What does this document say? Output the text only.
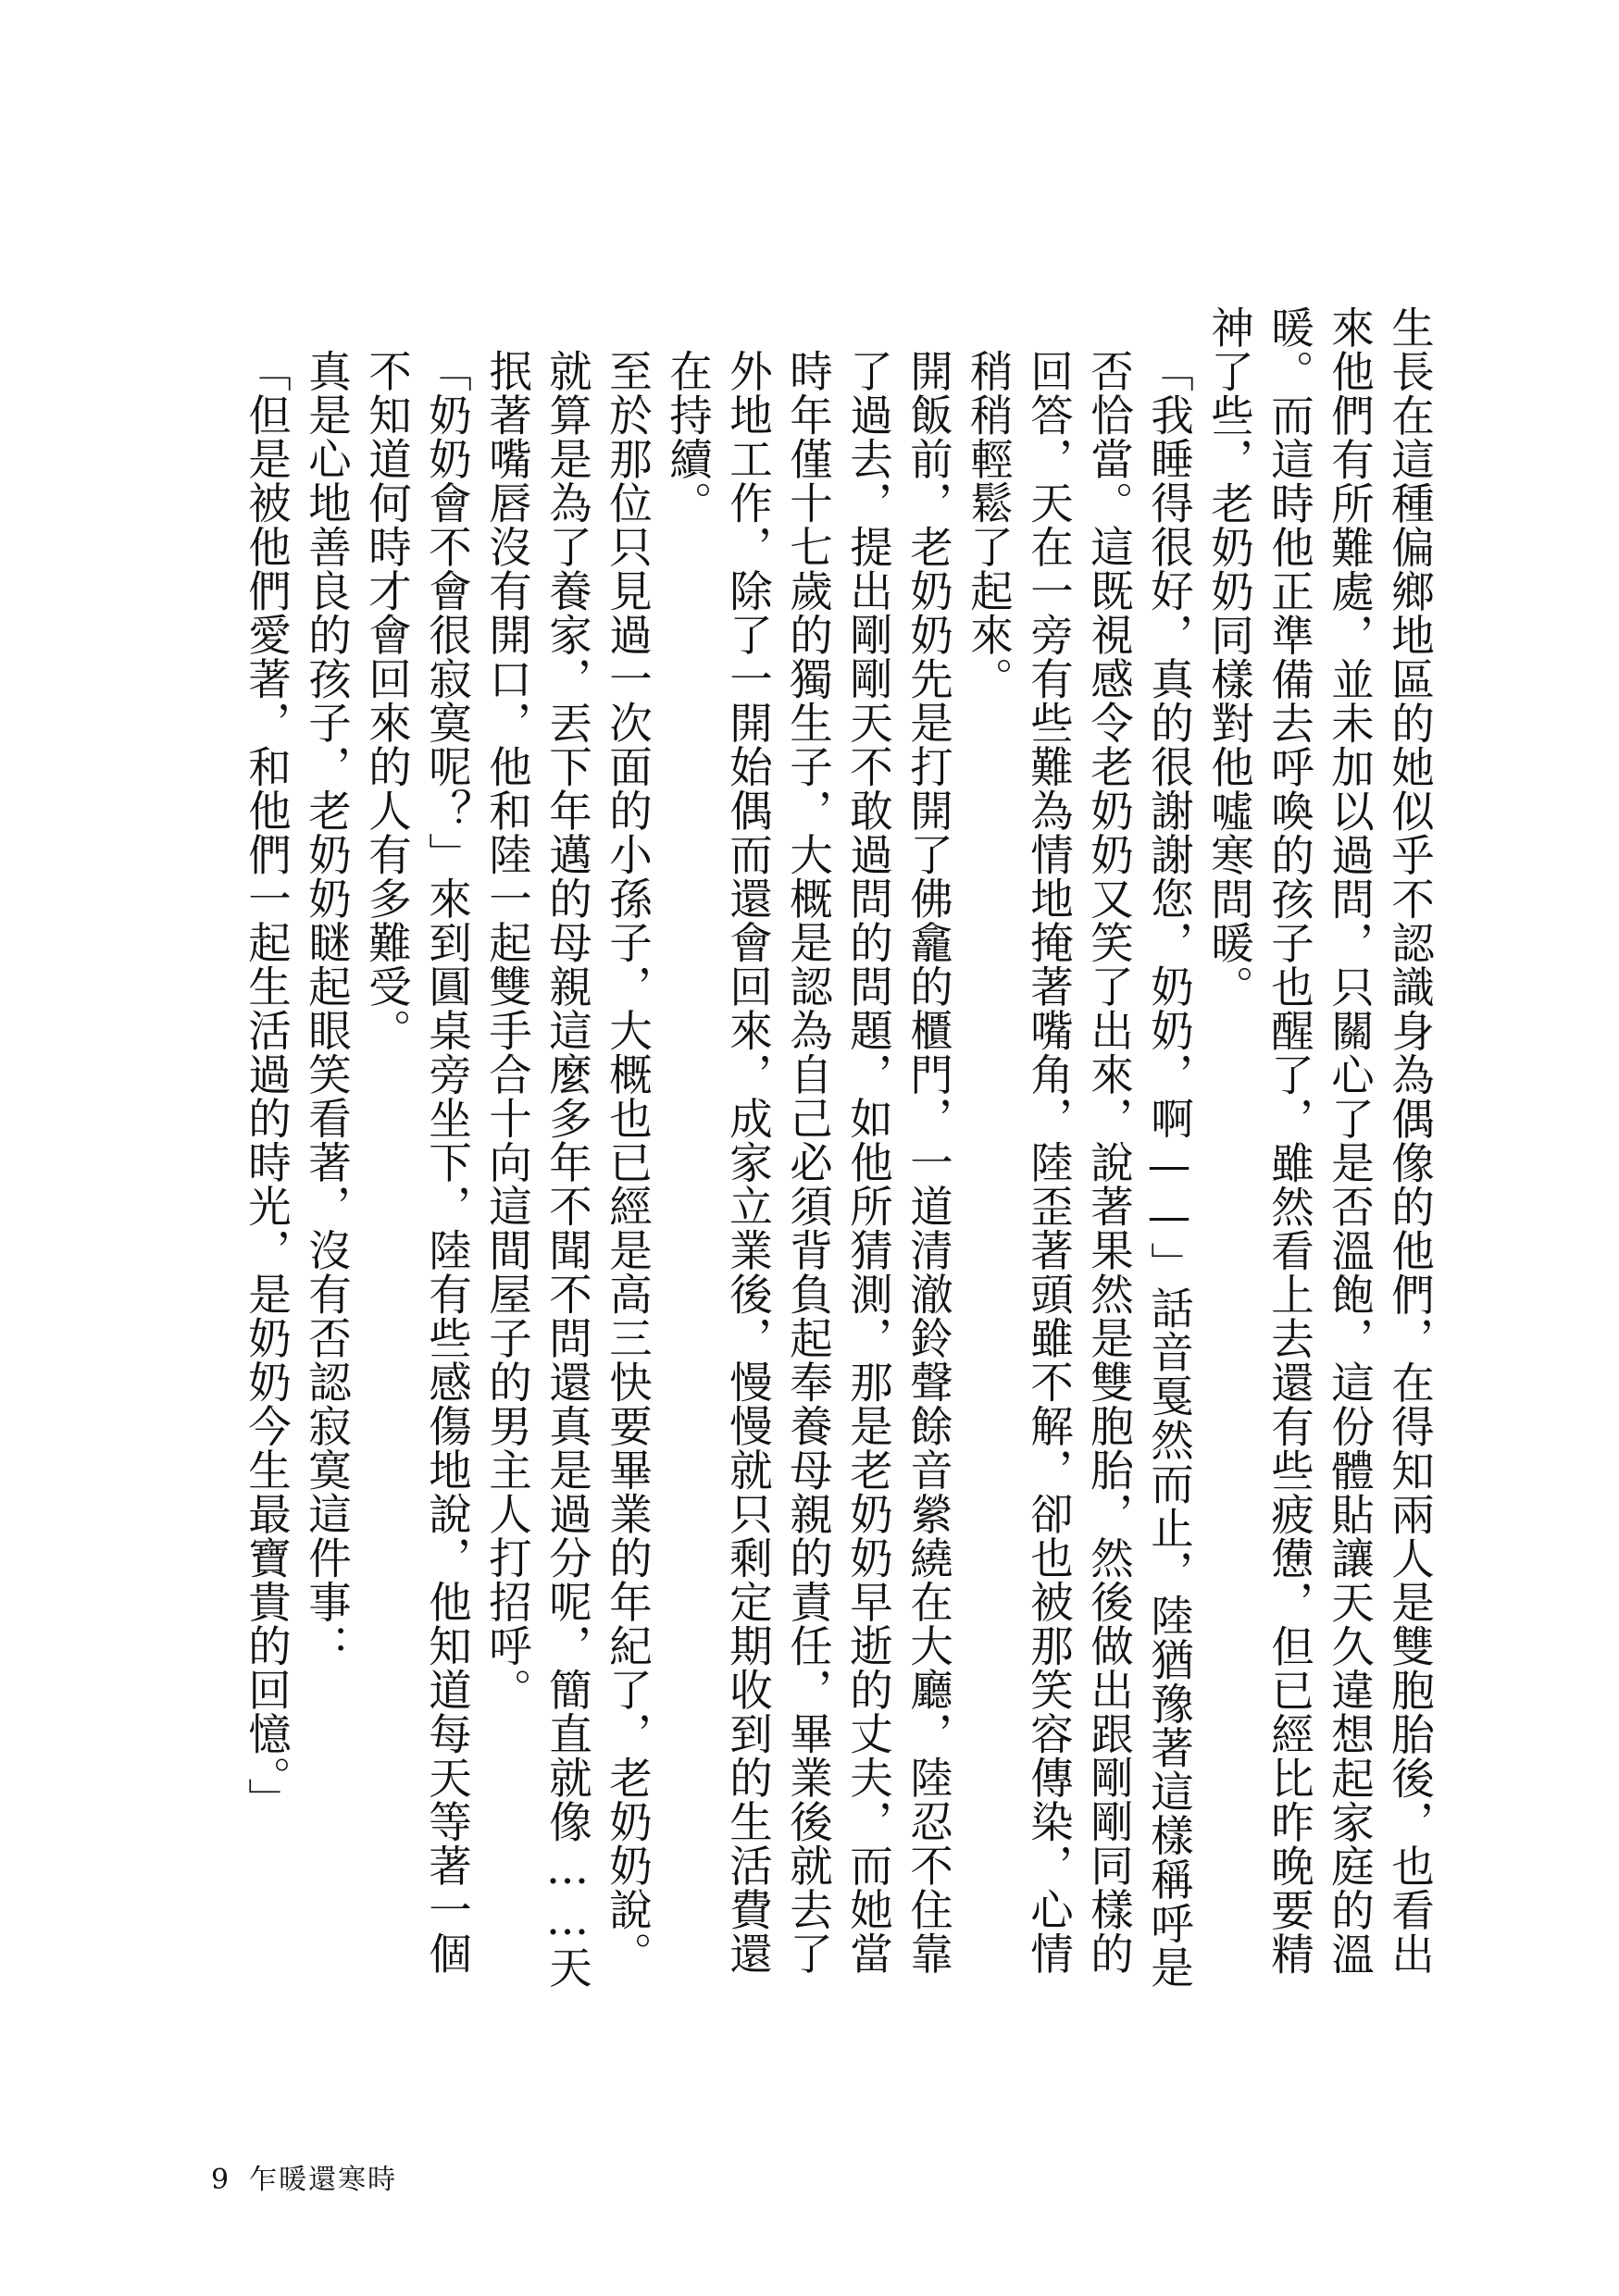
生長在這種偏鄉地區的她似乎不認識身為偶像的他們，在得知兩人是雙胞胎後，也看出來他們有所難處，並未加以過問，只關心了是否溫飽，這份體貼讓天久違想起家庭的溫暖。而這時他正準備去呼喚的孩子也醒了，雖然看上去還有些疲憊，但已經比昨晚要精神了些，老奶奶同樣對他噓寒問暖。

「我睡得很好，真的很謝謝您，奶奶，啊——」話音戛然而止，陸猶豫著這樣稱呼是否恰當。這既視感令老奶奶又笑了出來，說著果然是雙胞胎，然後做出跟剛剛同樣的回答，天在一旁有些難為情地掩著嘴角，陸歪著頭雖不解，卻也被那笑容傳染，心情稍稍輕鬆了起來。

開飯前，老奶奶先是打開了佛龕的櫃門，一道清澈鈴聲餘音縈繞在大廳，陸忍不住靠了過去，提出剛剛天不敢過問的問題，如他所猜測，那是老奶奶早逝的丈夫，而她當時年僅十七歲的獨生子，大概是認為自己必須背負起奉養母親的責任，畢業後就去了外地工作，除了一開始偶而還會回來，成家立業後，慢慢就只剩定期收到的生活費還在持續。

至於那位只見過一次面的小孫子，大概也已經是高三快要畢業的年紀了，老奶奶說。

就算是為了養家，丟下年邁的母親這麼多年不聞不問還真是過分呢，簡直就像……天抿著嘴唇沒有開口，他和陸一起雙手合十向這間屋子的男主人打招呼。

「奶奶會不會很寂寞呢？」來到圓桌旁坐下，陸有些感傷地說，他知道每天等著一個不知道何時才會回來的人有多難受。

真是心地善良的孩子，老奶奶瞇起眼笑看著，沒有否認寂寞這件事：

「但是被他們愛著，和他們一起生活過的時光，是奶奶今生最寶貴的回憶。」

9 乍暖還寒時
